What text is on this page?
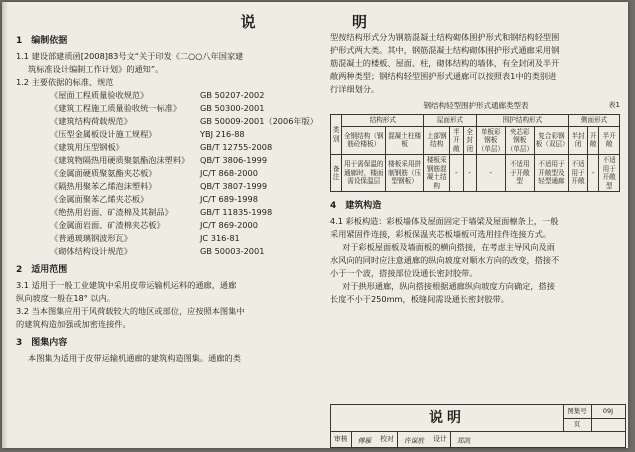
说
1　编制依据

1.1 建设部建质函[2008]83号文“关于印发《二○○八年国家建

筑标准设计编制工作计划》的通知”。

1.2 主要依据的标准、规范

《屋面工程质量验收规范》	GB 50207-2002
《建筑工程施工质量验收统一标准》	GB 50300-2001
《建筑结构荷载规范》	GB 50009-2001（2006年版）
《压型金属板设计施工规程》	YBJ 216-88
《建筑用压型钢板》	GB/T 12755-2008
《建筑物隔热用硬质聚氨酯泡沫塑料》	QB/T 3806-1999
《金属面硬质聚氨酯夹芯板》	JC/T 868-2000
《隔热用聚苯乙烯泡沫塑料》	QB/T 3807-1999
《金属面聚苯乙烯夹芯板》	JC/T 689-1998
《绝热用岩面、矿渣棉及其制品》	GB/T 11835-1998
《金属面岩面、矿渣棉夹芯板》	JC/T 869-2000
《普通玻璃钢波形瓦》	JC 316-81
《砌体结构设计规范》	GB 50003-2001
2　适用范围

3.1 适用于一般工业建筑中采用皮带运输机运料的通廊，通廊

纵向坡度一般在18° 以内。

3.2 当本图集应用于风荷载较大的地区或部位，应按照本图集中

的建筑构造加强或加密连接件。

3　图集内容

本图集为适用于皮带运输机通廊的建筑构造图集。通廊的类

明

型按结构形式分为钢筋混凝土结构砌体围护形式和钢结构轻型围

护形式两大类。其中，钢筋混凝土结构砌体围护形式通廊采用钢

筋混凝土的楼板、屋面、柱，砌体结构的墙体，有全封闭及半开

敞两种类型；钢结构轻型围护形式通廊可以按照表1中的类别进

行详细划分。

钢结构轻型围护形式通廊类型表	表1
类别	结构形式		屋面形式			围护结构形式			侧面形式		
	全钢结构（钢筋砼楼板）	混凝土柱楼板	上部钢结构	半开敞	全封闭	单板彩钢板（单层）	夹芯彩钢板（单层）	复合彩钢板（双层）	半封闭	开敞	半开敞
备注	用于需保温的通廊时，楼面需设保温层	楼板采用拼制钢筋（压型钢板）	楼板采钢筋混凝土结构	-	-	-	不适用于开敞型	不适用于开敞型及轻型通廊	不适用于开敞	-	不适用于开敞型
4　建筑构造

4.1 彩板构造：彩板墙体及屋面固定于墙梁及屋面檩条上，一般

采用紧固件连接，彩板保温夹芯板墙板可选用挂件连接方式。

对于彩板屋面板及墙面板的横向搭接，在考虑主导风向及雨

水风向的同时应注意通廊的纵向坡度对顺水方向的改变，搭接不

小于一个波，搭接部位设通长密封胶带。

对于拱形通廊，纵向搭接根据通廊纵向坡度方向确定，搭接

长度不小于250mm，板缝间需设通长密封胶带。

说明	图集号	09J
页
审核	傅雁	校对	许谋胜	设计	郑凯
